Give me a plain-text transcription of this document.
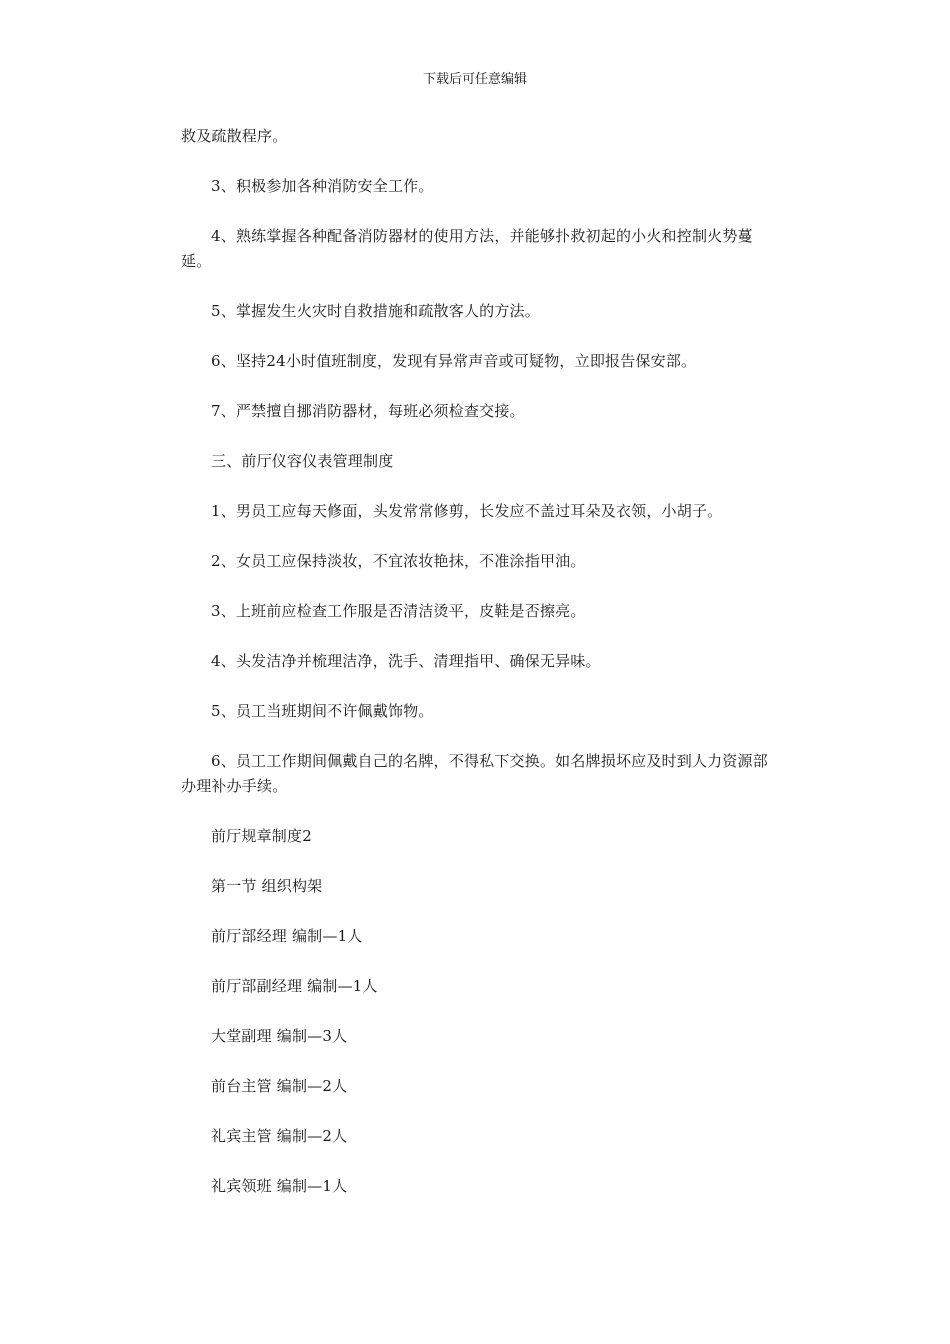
下载后可任意编辑

救及疏散程序。

3、积极参加各种消防安全工作。

4、熟练掌握各种配备消防器材的使用方法，并能够扑救初起的小火和控制火势蔓延。

5、掌握发生火灾时自救措施和疏散客人的方法。

6、坚持24小时值班制度，发现有异常声音或可疑物，立即报告保安部。

7、严禁擅自挪消防器材，每班必须检查交接。

三、前厅仪容仪表管理制度

1、男员工应每天修面，头发常常修剪，长发应不盖过耳朵及衣领，小胡子。

2、女员工应保持淡妆，不宜浓妆艳抹，不准涂指甲油。

3、上班前应检查工作服是否清洁烫平，皮鞋是否擦亮。

4、头发洁净并梳理洁净，洗手、清理指甲、确保无异味。

5、员工当班期间不许佩戴饰物。

6、员工工作期间佩戴自己的名牌，不得私下交换。如名牌损坏应及时到人力资源部办理补办手续。

前厅规章制度2

第一节 组织构架

前厅部经理 编制—1人

前厅部副经理 编制—1人

大堂副理 编制—3人

前台主管 编制—2人

礼宾主管 编制—2人

礼宾领班 编制—1人
